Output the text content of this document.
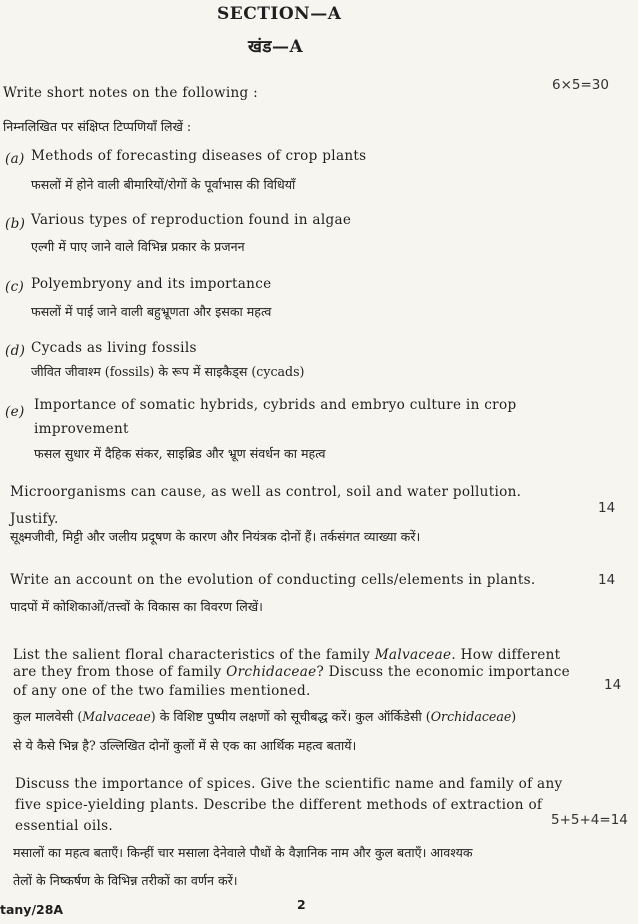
SECTION—A
खंड—A
Write short notes on the following :	6×5=30
निम्नलिखित पर संक्षिप्त टिप्पणियाँ लिखें :
(a) Methods of forecasting diseases of crop plants
फसलों में होने वाली बीमारियों/रोगों के पूर्वाभास की विधियाँ
(b) Various types of reproduction found in algae
एल्गी में पाए जाने वाले विभिन्न प्रकार के प्रजनन
(c) Polyembryony and its importance
फसलों में पाई जाने वाली बहुभ्रूणता और इसका महत्व
(d) Cycads as living fossils
जीवित जीवाश्म (fossils) के रूप में साइकैड्स (cycads)
(e) Importance of somatic hybrids, cybrids and embryo culture in crop
improvement
फसल सुधार में दैहिक संकर, साइब्रिड और भ्रूण संवर्धन का महत्व
Microorganisms can cause, as well as control, soil and water pollution.
Justify.
14
सूक्ष्मजीवी, मिट्टी और जलीय प्रदूषण के कारण और नियंत्रक दोनों हैं। तर्कसंगत व्याख्या करें।
Write an account on the evolution of conducting cells/elements in plants.	14
पादपों में कोशिकाओं/तत्त्वों के विकास का विवरण लिखें।
List the salient floral characteristics of the family Malvaceae. How different
are they from those of family Orchidaceae? Discuss the economic importance
of any one of the two families mentioned.	14
कुल मालवेसी (Malvaceae) के विशिष्ट पुष्पीय लक्षणों को सूचीबद्ध करें। कुल ऑर्किडेसी (Orchidaceae)
से ये कैसे भिन्न है? उल्लिखित दोनों कुलों में से एक का आर्थिक महत्व बतायें।
Discuss the importance of spices. Give the scientific name and family of any
five spice-yielding plants. Describe the different methods of extraction of
essential oils.	5+5+4=14
मसालों का महत्व बताएँ। किन्हीं चार मसाला देनेवाले पौधों के वैज्ञानिक नाम और कुल बताएँ। आवश्यक
तेलों के निष्कर्षण के विभिन्न तरीकों का वर्णन करें।
tany/28A	2
